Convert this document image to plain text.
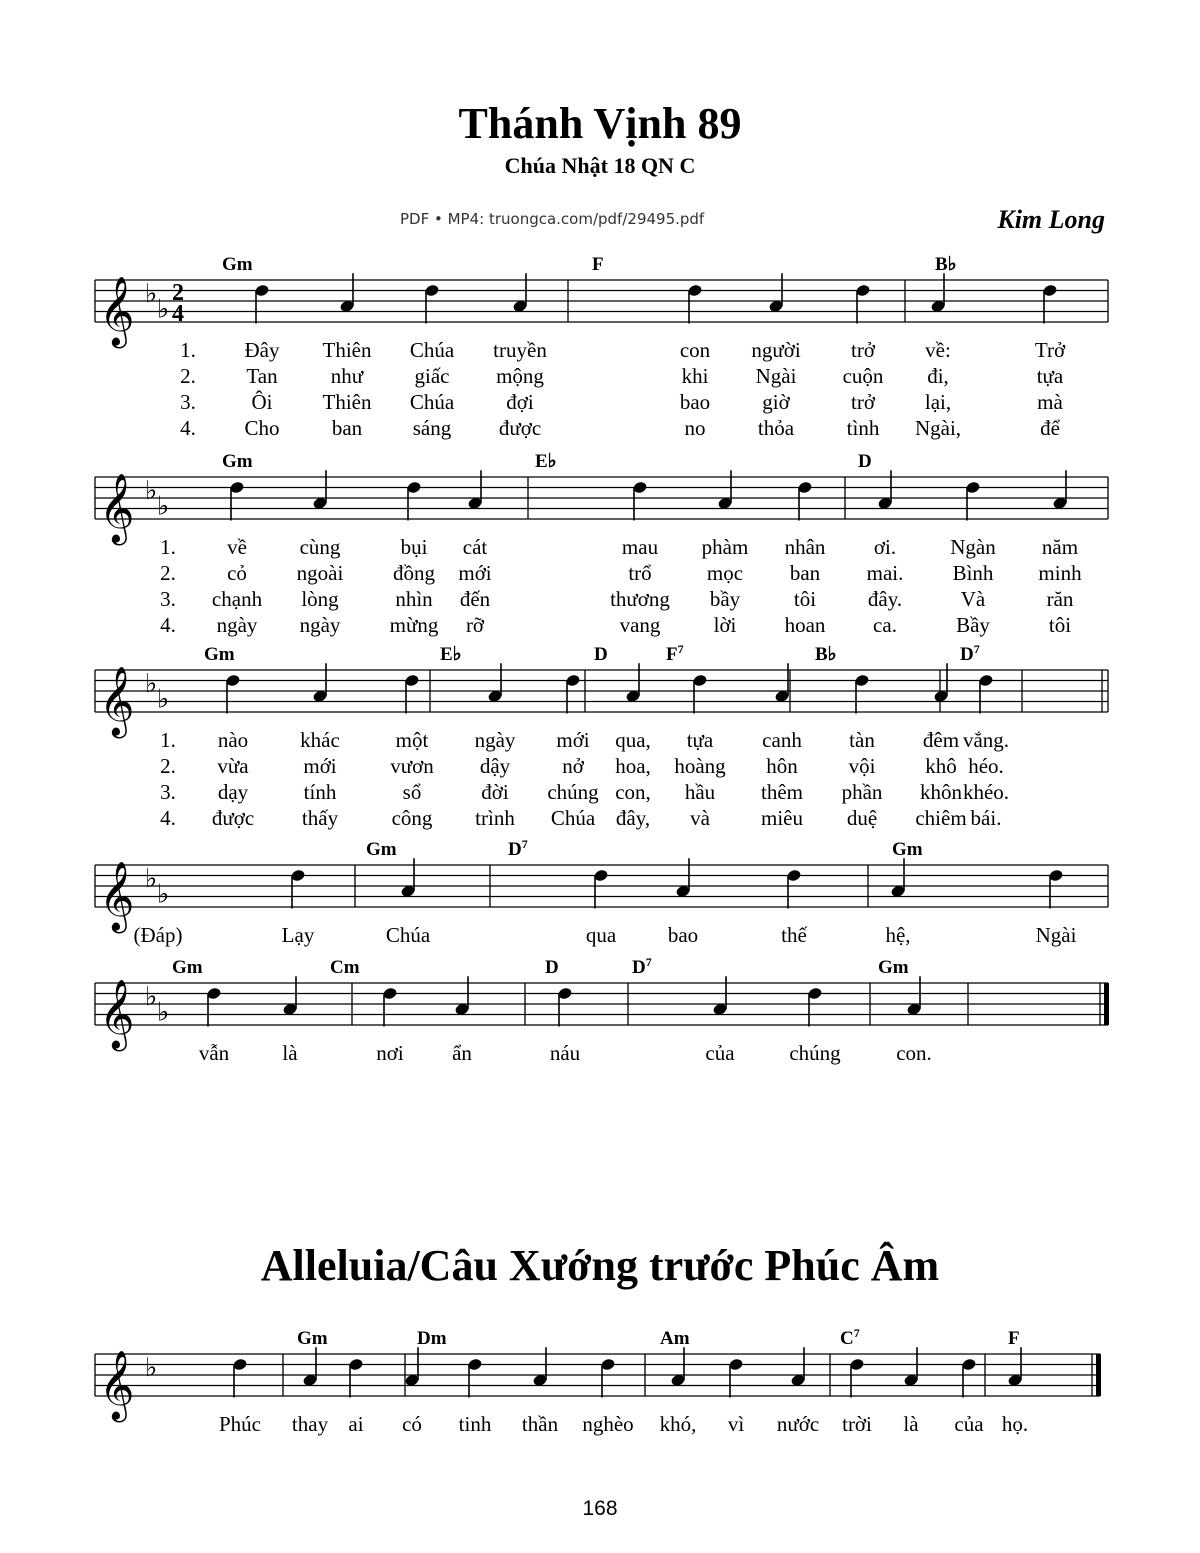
Thánh Vịnh 89
Chúa Nhật 18 QN C
PDF • MP4: truongca.com/pdf/29495.pdf	Kim Long
Alleluia/Câu Xướng trước Phúc Âm
168
𝄞 ♭
♭
2
4
Gm	F	B♭
1. Đây Thiên Chúa truyền	con người trở về:	Trở
2. Tan	như giấc mộng	khi Ngài cuộn đi,	tựa
3.	Ôi Thiên Chúa đợi	bao giờ	trở lại,	mà
4. Cho ban sáng được	no thỏa	tình Ngài,	để
𝄞 ♭
♭
Gm	E♭	D
1. về	cùng	bụi cát	mau phàm nhân ơi.	Ngàn năm
2. cỏ ngoài đồng mới	trổ	mọc ban mai. Bình minh
3. chạnh lòng	nhìn đến	thương bầy	tôi đây.	Và	răn
4. ngày ngày mừng rỡ	vang	lời hoan ca.	Bầy	tôi
𝄞 ♭
♭
Gm	E♭	D	$F^7$	B♭	$D^7$
1. nào khác	một ngày mới qua, tựa canh tàn đêm vắng.
2. vừa	mới	vươn dậy nở hoa, hoàng hôn vội khô héo.
3. dạy	tính	sổ	đời chúng con, hầu thêm phần khôn khéo.
4. được thấy	công trình Chúa đây, và miêu duệ chiêm bái.
𝄞 ♭
♭
Gm	$D^7$	Gm
(Đáp)	Lạy	Chúa	qua bao	thế	hệ,	Ngài
𝄞 ♭
♭
Gm	Cm	D	$D^7$	Gm
vẫn	là	nơi ẩn	náu	của	chúng	con.
𝄞 ♭
Gm	Dm	Am	$C^7$	F
Phúc thay ai có tinh thần nghèo khó, vì nước trời là của họ.
